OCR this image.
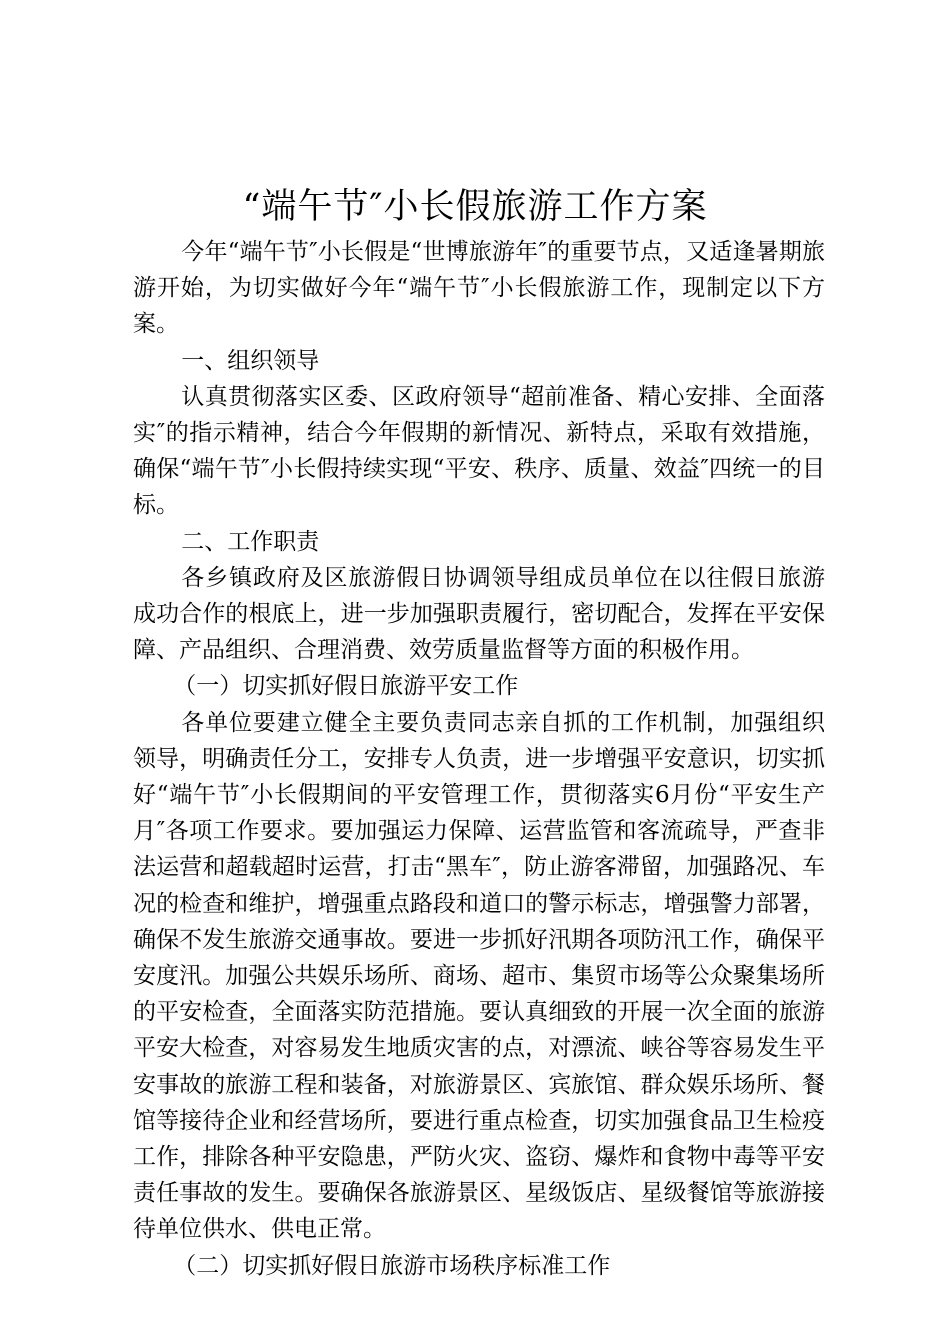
“端午节″小长假旅游工作方案

今年“端午节″小长假是“世博旅游年″的重要节点，又适逢暑期旅游开始，为切实做好今年“端午节″小长假旅游工作，现制定以下方案。

一、组织领导

认真贯彻落实区委、区政府领导“超前准备、精心安排、全面落实″的指示精神，结合今年假期的新情况、新特点，采取有效措施，确保“端午节″小长假持续实现“平安、秩序、质量、效益″四统一的目标。

二、工作职责

各乡镇政府及区旅游假日协调领导组成员单位在以往假日旅游成功合作的根底上，进一步加强职责履行，密切配合，发挥在平安保障、产品组织、合理消费、效劳质量监督等方面的积极作用。

（一）切实抓好假日旅游平安工作

各单位要建立健全主要负责同志亲自抓的工作机制，加强组织领导，明确责任分工，安排专人负责，进一步增强平安意识，切实抓好“端午节″小长假期间的平安管理工作，贯彻落实6月份“平安生产月″各项工作要求。要加强运力保障、运营监管和客流疏导，严查非法运营和超载超时运营，打击“黑车″，防止游客滞留，加强路况、车况的检查和维护，增强重点路段和道口的警示标志，增强警力部署，确保不发生旅游交通事故。要进一步抓好汛期各项防汛工作，确保平安度汛。加强公共娱乐场所、商场、超市、集贸市场等公众聚集场所的平安检查，全面落实防范措施。要认真细致的开展一次全面的旅游平安大检查，对容易发生地质灾害的点，对漂流、峡谷等容易发生平安事故的旅游工程和装备，对旅游景区、宾旅馆、群众娱乐场所、餐馆等接待企业和经营场所，要进行重点检查，切实加强食品卫生检疫工作，排除各种平安隐患，严防火灾、盗窃、爆炸和食物中毒等平安责任事故的发生。要确保各旅游景区、星级饭店、星级餐馆等旅游接待单位供水、供电正常。

（二）切实抓好假日旅游市场秩序标准工作
